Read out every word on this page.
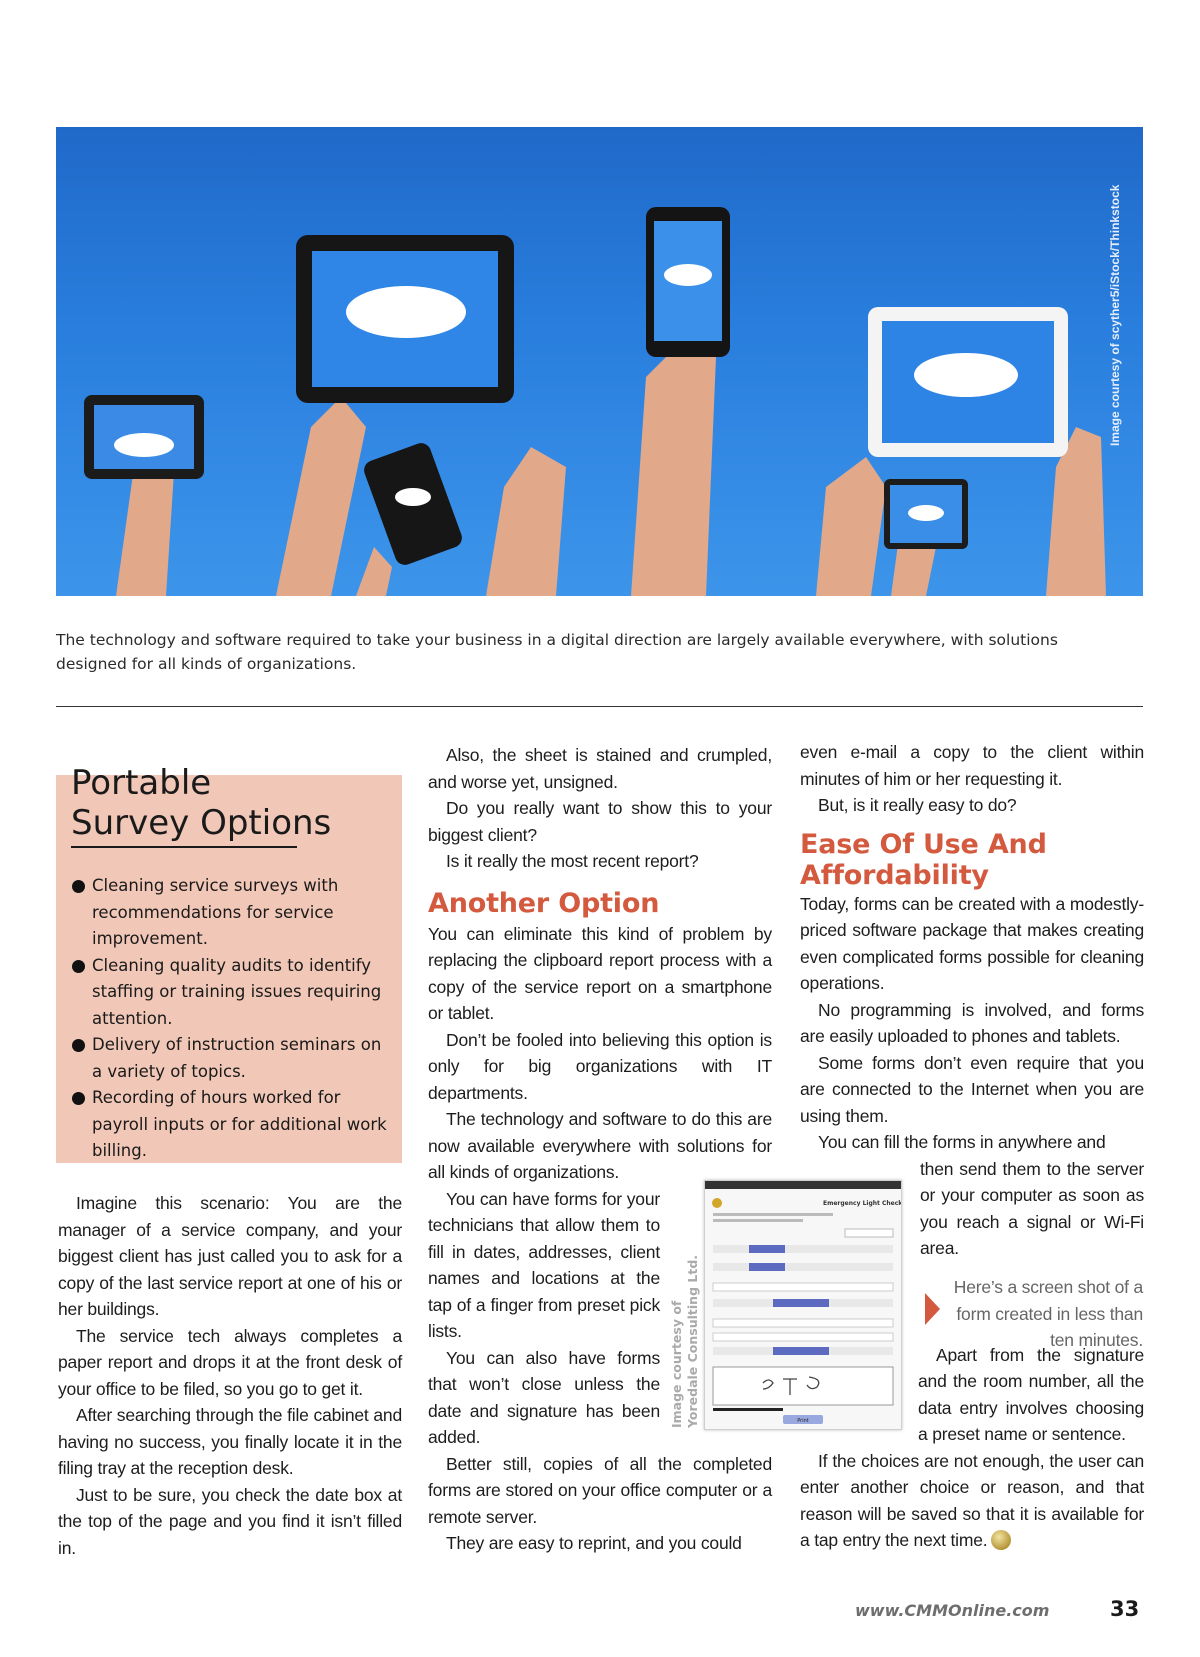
Image courtesy of scyther5/iStock/Thinkstock
The technology and software required to take your business in a digital direction are largely available everywhere, with solutions designed for all kinds of organizations.
Portable
Survey Options
Cleaning service surveys with recommendations for service improvement.
Cleaning quality audits to identify staffing or training issues requiring attention.
Delivery of instruction seminars on a variety of topics.
Recording of hours worked for payroll inputs or for additional work billing.

Imagine this scenario: You are the manager of a service company, and your biggest client has just called you to ask for a copy of the last service report at one of his or her buildings.

The service tech always completes a paper report and drops it at the front desk of your office to be filed, so you go to get it.

After searching through the file cabinet and having no success, you finally locate it in the filing tray at the reception desk.

Just to be sure, you check the date box at the top of the page and you find it isn’t filled in.

Also, the sheet is stained and crumpled, and worse yet, unsigned.

Do you really want to show this to your biggest client?

Is it really the most recent report?

Another Option

You can eliminate this kind of problem by replacing the clipboard report process with a copy of the service report on a smartphone or tablet.

Don’t be fooled into believing this option is only for big organizations with IT departments.

The technology and software to do this are now available everywhere with solutions for all kinds of organizations.

You can have forms for your technicians that allow them to fill in dates, addresses, client names and locations at the tap of a finger from preset pick lists.

You can also have forms that won’t close unless the date and signature has been added.

Better still, copies of all the completed forms are stored on your office computer or a remote server.

They are easy to reprint, and you could

even e-mail a copy to the client within minutes of him or her requesting it.

But, is it really easy to do?

Ease Of Use And
Affordability

Today, forms can be created with a modestly-priced software package that makes creating even complicated forms possible for cleaning operations.

No programming is involved, and forms are easily uploaded to phones and tablets.

Some forms don’t even require that you are connected to the Internet when you are using them.

You can fill the forms in anywhere and

then send them to the server or your computer as soon as you reach a signal or Wi-Fi area.

Apart from the signature and the room number, all the data entry involves choosing a preset name or sentence.

If the choices are not enough, the user can enter another choice or reason, and that reason will be saved so that it is available for a tap entry the next time.

Image courtesy of Yoredale Consulting Ltd.
Emergency Light Check
Print
Here’s a screen shot of a form created in less than ten minutes.
www.CMMOnline.com	33
